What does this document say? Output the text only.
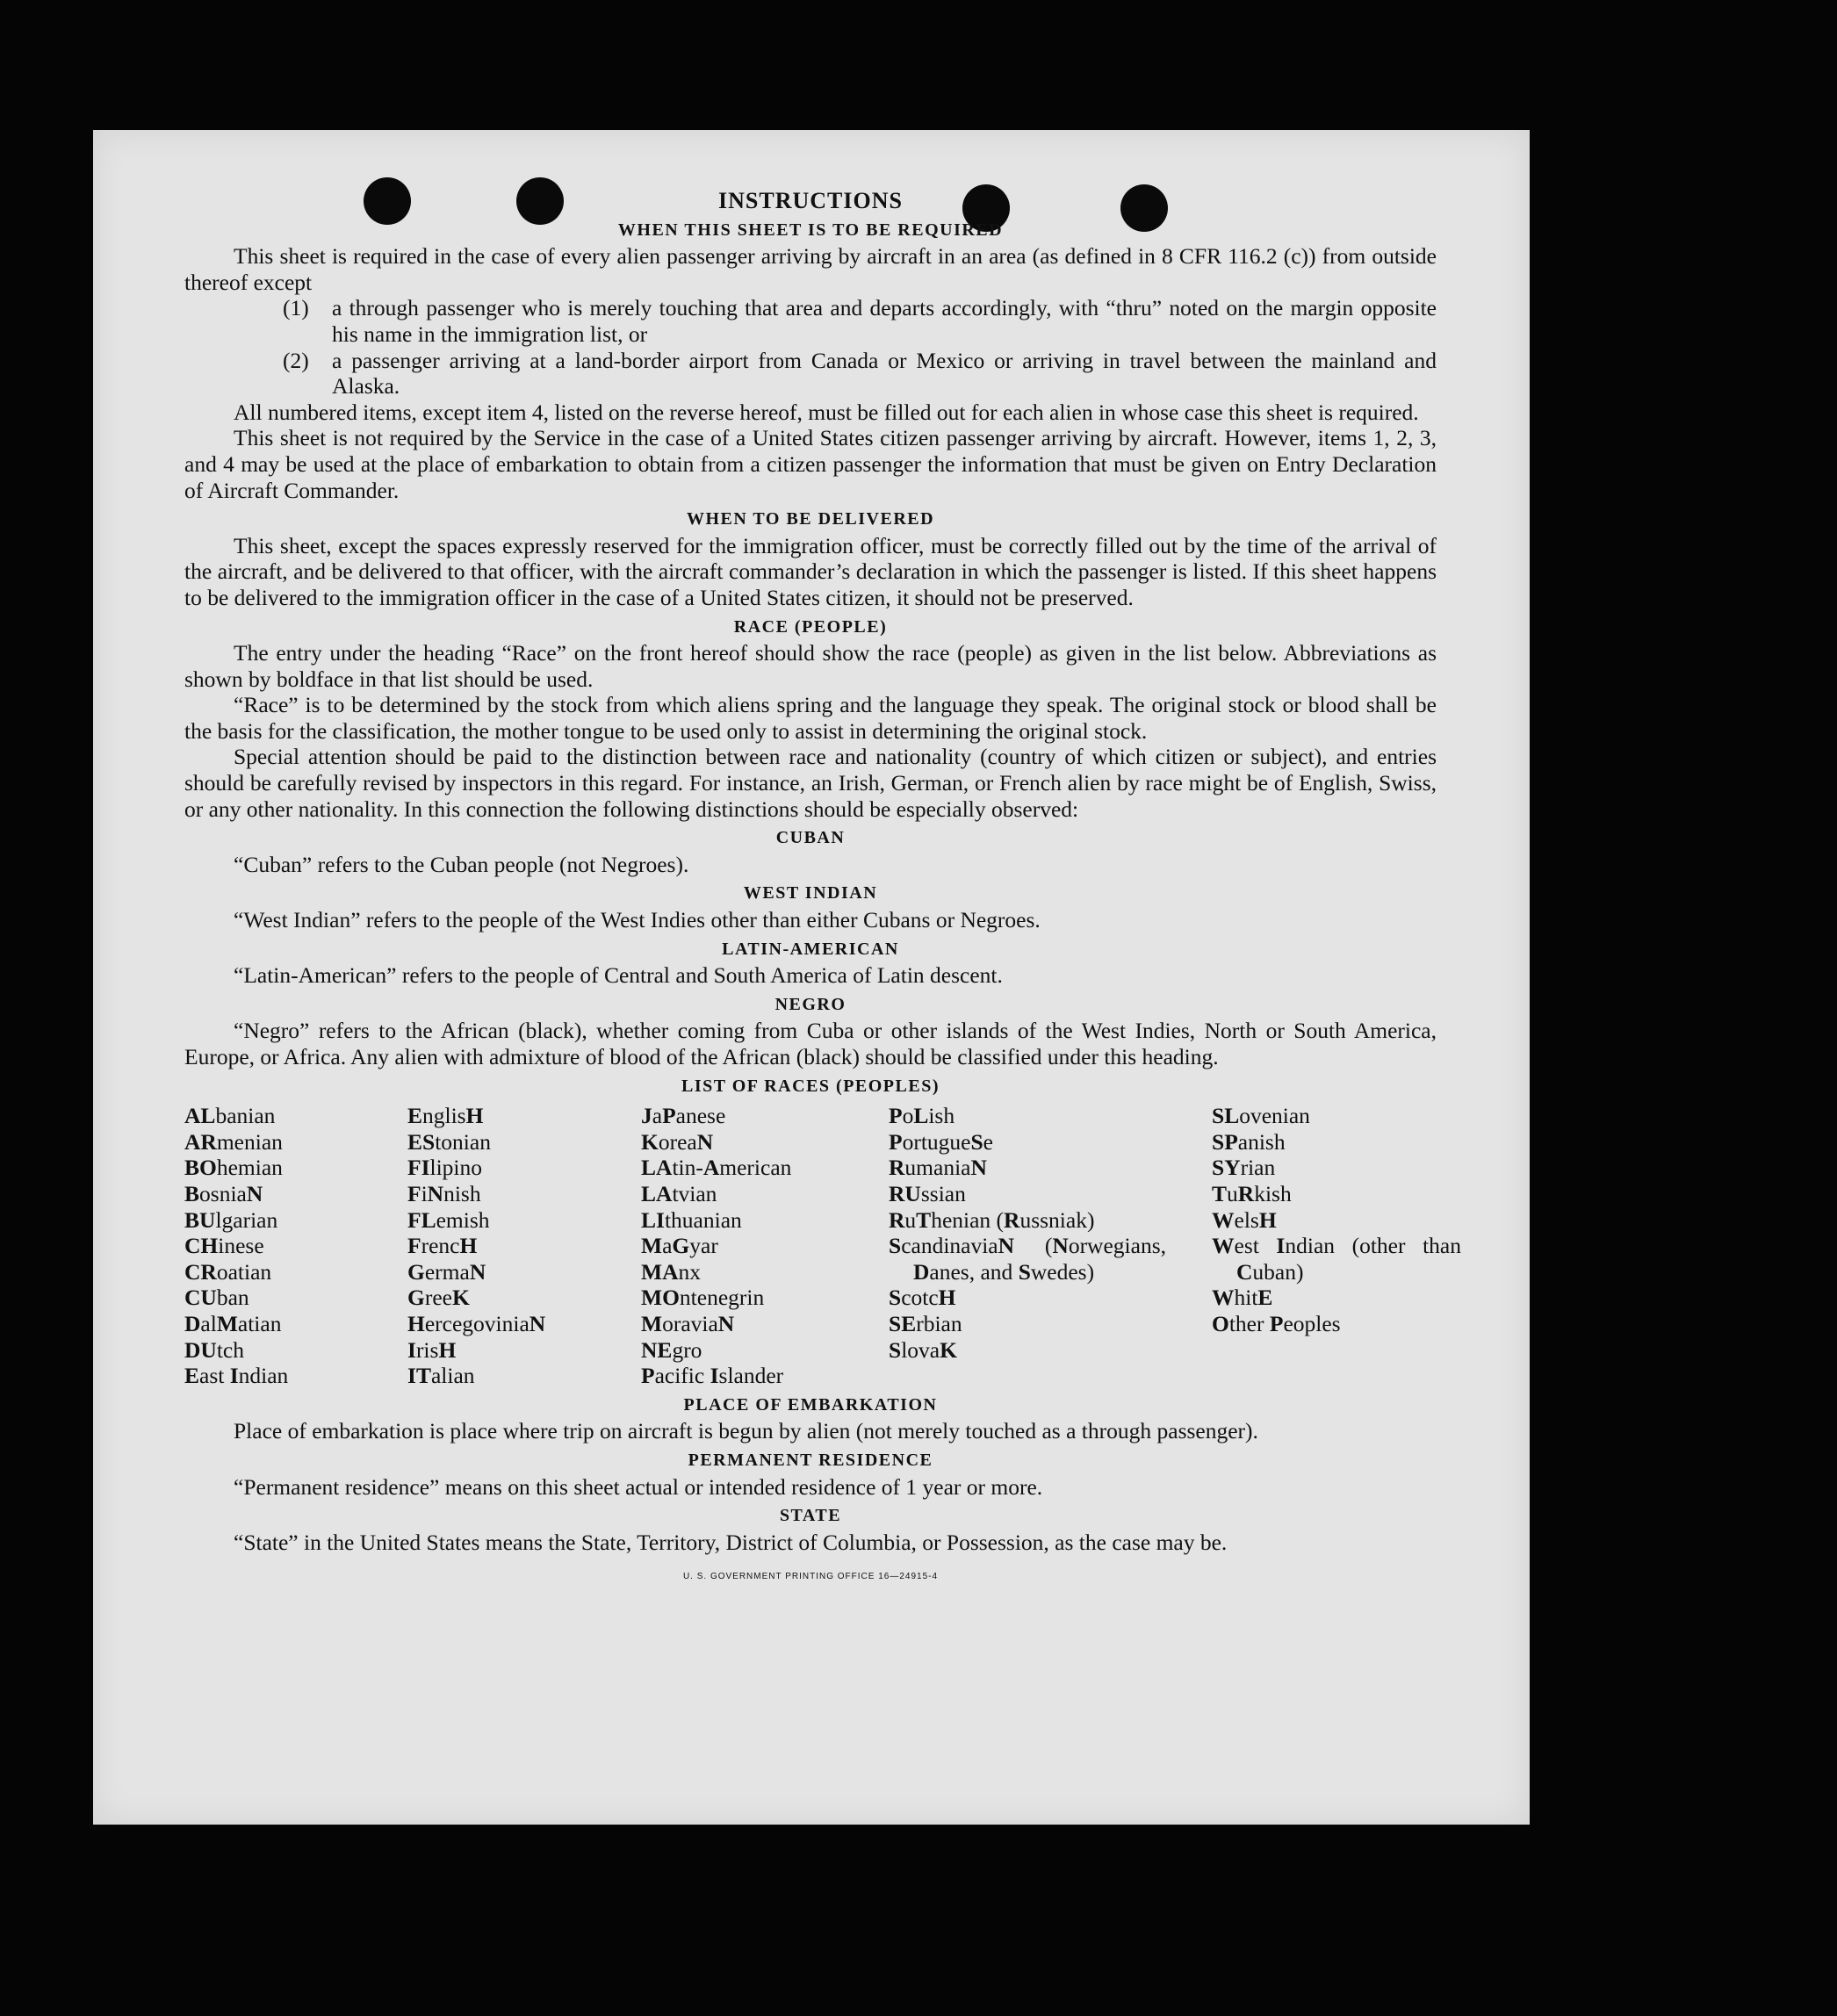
INSTRUCTIONS
WHEN THIS SHEET IS TO BE REQUIRED
This sheet is required in the case of every alien passenger arriving by aircraft in an area (as defined in 8 CFR 116.2 (c)) from outside thereof except
(1)	a through passenger who is merely touching that area and departs accordingly, with “thru” noted on the margin opposite his name in the immigration list, or
(2)	a passenger arriving at a land-border airport from Canada or Mexico or arriving in travel between the mainland and Alaska.
All numbered items, except item 4, listed on the reverse hereof, must be filled out for each alien in whose case this sheet is required.
This sheet is not required by the Service in the case of a United States citizen passenger arriving by aircraft. However, items 1, 2, 3, and 4 may be used at the place of embarkation to obtain from a citizen passenger the information that must be given on Entry Declaration of Aircraft Commander.
WHEN TO BE DELIVERED
This sheet, except the spaces expressly reserved for the immigration officer, must be correctly filled out by the time of the arrival of the aircraft, and be delivered to that officer, with the aircraft commander’s declaration in which the passenger is listed. If this sheet happens to be delivered to the immigration officer in the case of a United States citizen, it should not be preserved.
RACE (PEOPLE)
The entry under the heading “Race” on the front hereof should show the race (people) as given in the list below. Abbreviations as shown by boldface in that list should be used.
“Race” is to be determined by the stock from which aliens spring and the language they speak. The original stock or blood shall be the basis for the classification, the mother tongue to be used only to assist in determining the original stock.
Special attention should be paid to the distinction between race and nationality (country of which citizen or subject), and entries should be carefully revised by inspectors in this regard. For instance, an Irish, German, or French alien by race might be of English, Swiss, or any other nationality. In this connection the following distinctions should be especially observed:
CUBAN
“Cuban” refers to the Cuban people (not Negroes).
WEST INDIAN
“West Indian” refers to the people of the West Indies other than either Cubans or Negroes.
LATIN-AMERICAN
“Latin-American” refers to the people of Central and South America of Latin descent.
NEGRO
“Negro” refers to the African (black), whether coming from Cuba or other islands of the West Indies, North or South America, Europe, or Africa. Any alien with admixture of blood of the African (black) should be classified under this heading.
LIST OF RACES (PEOPLES)
ALbanian
ARmenian
BOhemian
BosniaN
BUlgarian
CHinese
CRoatian
CUban
DalMatian
DUtch
East Indian
EnglisH
EStonian
FIlipino
FiNnish
FLemish
FrencH
GermaN
GreeK
HercegoviniaN
IrisH
ITalian
JaPanese
KoreaN
LAtin-American
LAtvian
LIthuanian
MaGyar
MAnx
MOntenegrin
MoraviaN
NEgro
Pacific Islander
PoLish
PortugueSe
RumaniaN
RUssian
RuThenian (Russniak)
ScandinaviaN (Norwegians, Danes, and Swedes)
ScotcH
SErbian
SlovaK
SLovenian
SPanish
SYrian
TuRkish
WelsH
West Indian (other than Cuban)
WhitE
Other Peoples
PLACE OF EMBARKATION
Place of embarkation is place where trip on aircraft is begun by alien (not merely touched as a through passenger).
PERMANENT RESIDENCE
“Permanent residence” means on this sheet actual or intended residence of 1 year or more.
STATE
“State” in the United States means the State, Territory, District of Columbia, or Possession, as the case may be.
U. S. GOVERNMENT PRINTING OFFICE 16—24915-4
